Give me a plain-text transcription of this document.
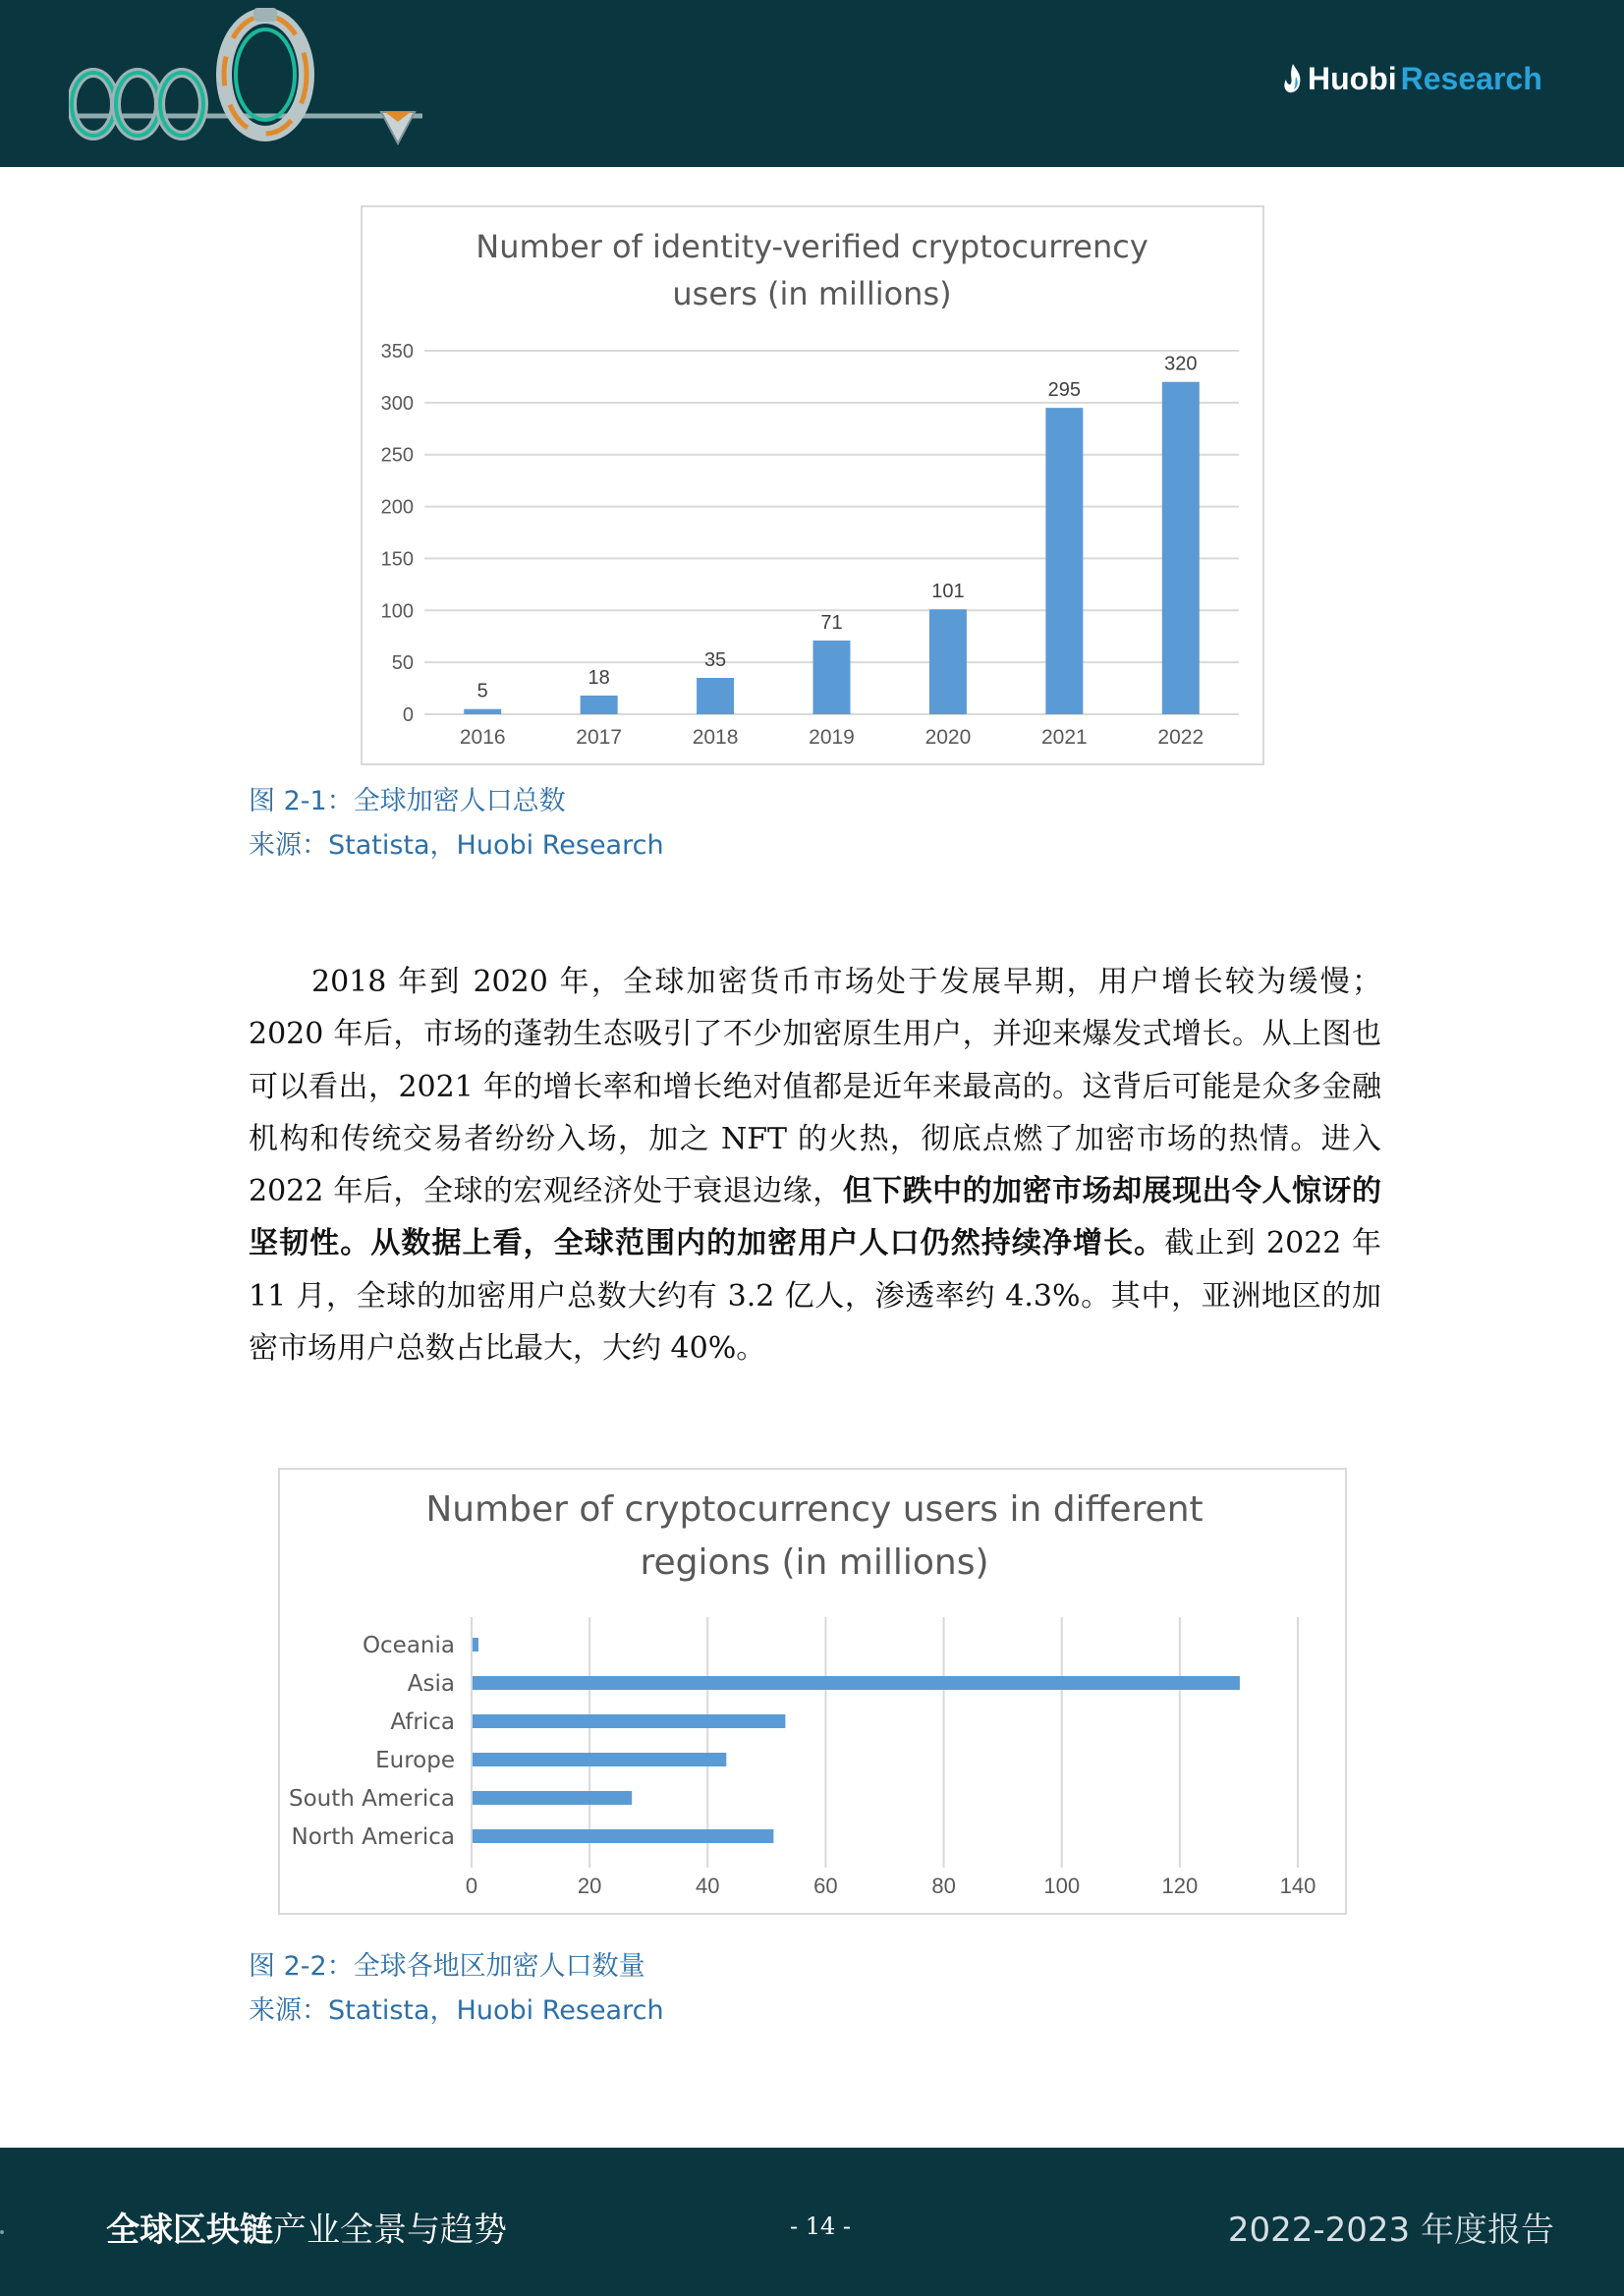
Huobi Research
Number of identity-verified cryptocurrency
users (in millions)
0
50
100
150
200
250
300
350
5
2016
18
2017
35
2018
71
2019
101
2020
295
2021
320
2022
图 2-1：全球加密人口总数
来源：Statista，Huobi Research

2018 年到 2020 年，全球加密货币市场处于发展早期，用户增长较为缓慢；2020 年后，市场的蓬勃生态吸引了不少加密原生用户，并迎来爆发式增长。从上图也可以看出，2021 年的增长率和增长绝对值都是近年来最高的。这背后可能是众多金融机构和传统交易者纷纷入场，加之 NFT 的火热，彻底点燃了加密市场的热情。进入 2022 年后，全球的宏观经济处于衰退边缘，但下跌中的加密市场却展现出令人惊讶的坚韧性。从数据上看，全球范围内的加密用户人口仍然持续净增长。截止到 2022 年 11 月，全球的加密用户总数大约有 3.2 亿人，渗透率约 4.3%。其中，亚洲地区的加密市场用户总数占比最大，大约 40%。

Number of cryptocurrency users in different
regions (in millions)
0	20	40	60	80	100	120	140
Oceania
Asia
Africa
Europe
South America
North America
图 2-2：全球各地区加密人口数量
来源：Statista，Huobi Research
全球区块链产业全景与趋势	- 14 -	2022-2023 年度报告
